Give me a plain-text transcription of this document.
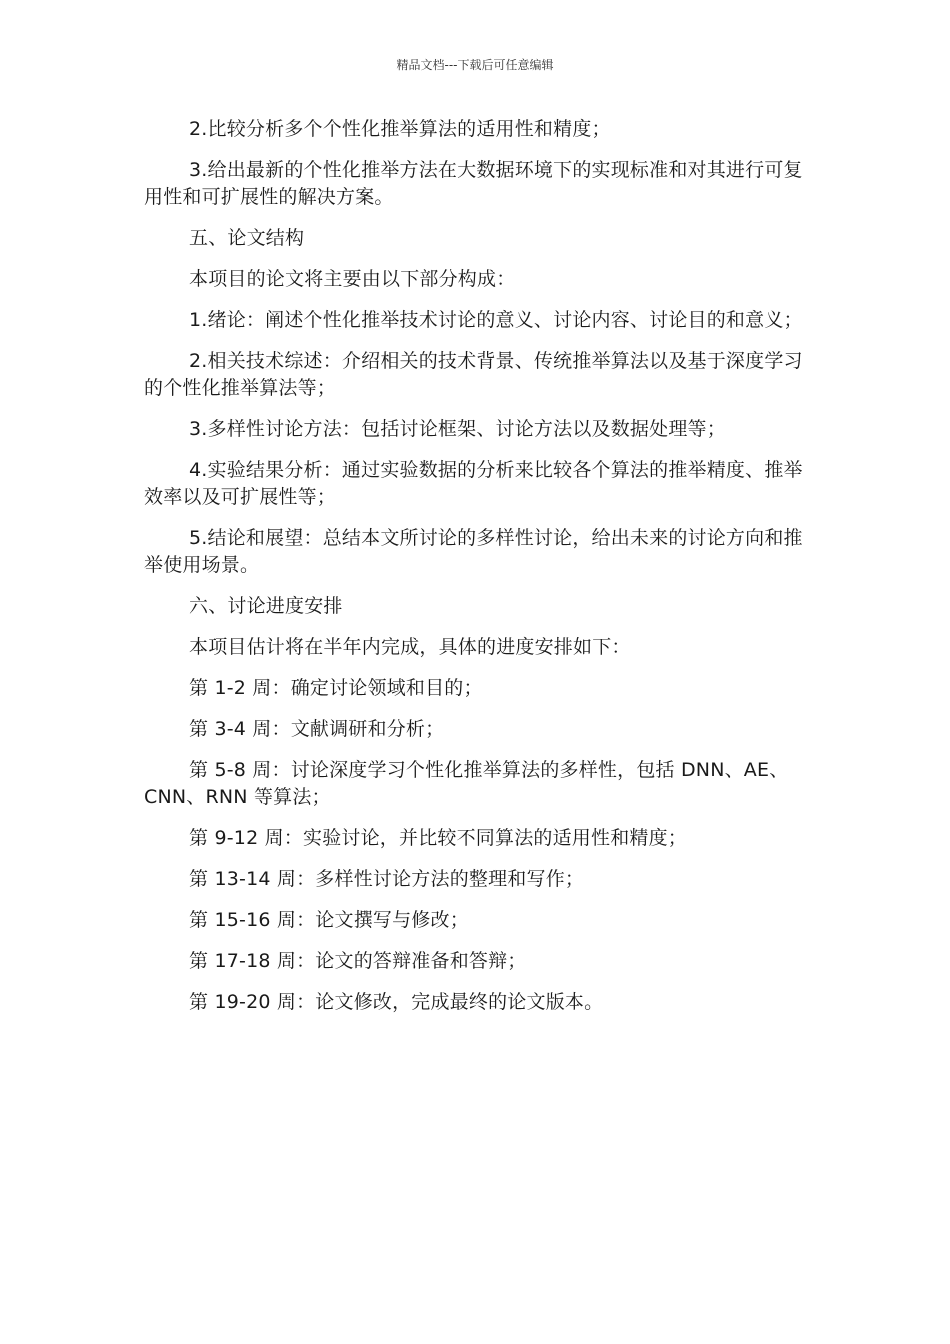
精品文档---下载后可任意编辑

2.比较分析多个个性化推举算法的适用性和精度；

3.给出最新的个性化推举方法在大数据环境下的实现标准和对其进行可复用性和可扩展性的解决方案。

五、论文结构

本项目的论文将主要由以下部分构成：

1.绪论：阐述个性化推举技术讨论的意义、讨论内容、讨论目的和意义；

2.相关技术综述：介绍相关的技术背景、传统推举算法以及基于深度学习的个性化推举算法等；

3.多样性讨论方法：包括讨论框架、讨论方法以及数据处理等；

4.实验结果分析：通过实验数据的分析来比较各个算法的推举精度、推举效率以及可扩展性等；

5.结论和展望：总结本文所讨论的多样性讨论，给出未来的讨论方向和推举使用场景。

六、讨论进度安排

本项目估计将在半年内完成，具体的进度安排如下：

第 1-2 周：确定讨论领域和目的；

第 3-4 周：文献调研和分析；

第 5-8 周：讨论深度学习个性化推举算法的多样性，包括 DNN、AE、CNN、RNN 等算法；

第 9-12 周：实验讨论，并比较不同算法的适用性和精度；

第 13-14 周：多样性讨论方法的整理和写作；

第 15-16 周：论文撰写与修改；

第 17-18 周：论文的答辩准备和答辩；

第 19-20 周：论文修改，完成最终的论文版本。
